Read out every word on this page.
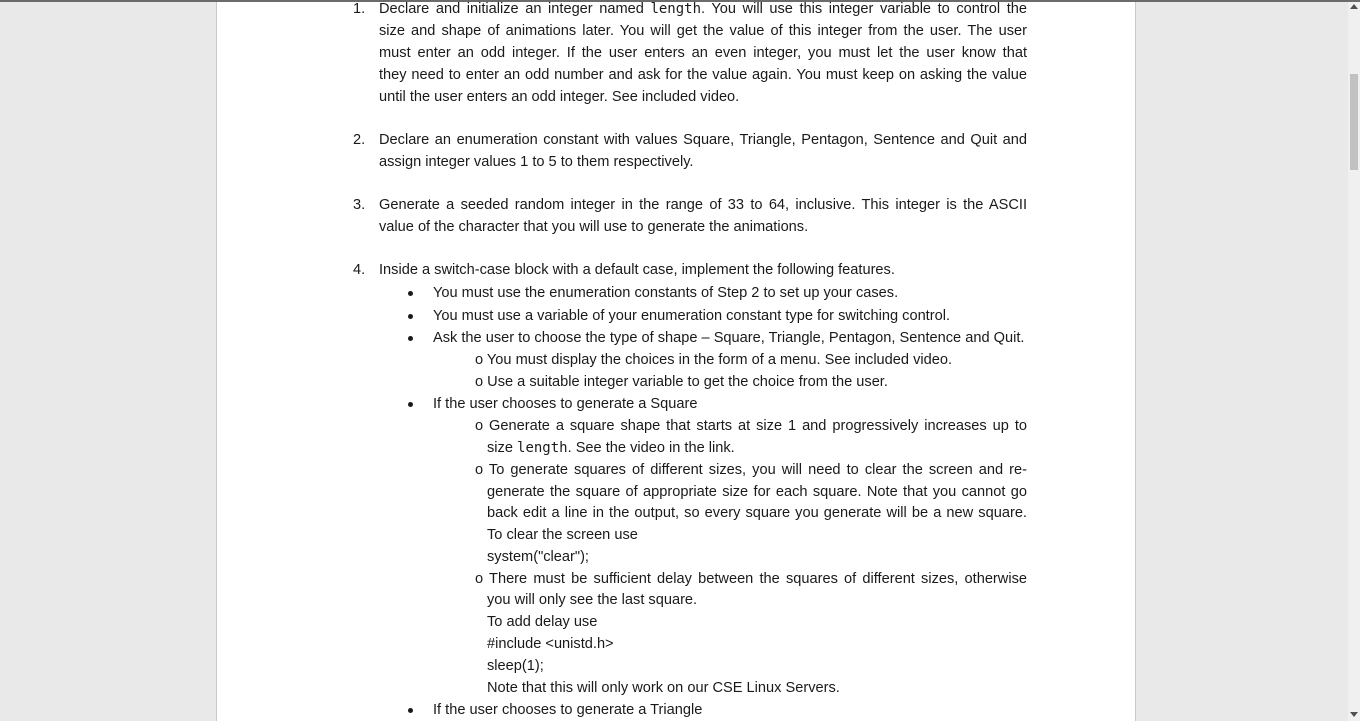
1. Declare and initialize an integer named length. You will use this integer variable to control the
size and shape of animations later. You will get the value of this integer from the user. The user
must enter an odd integer. If the user enters an even integer, you must let the user know that
they need to enter an odd number and ask for the value again. You must keep on asking the value
until the user enters an odd integer. See included video.
2. Declare an enumeration constant with values Square, Triangle, Pentagon, Sentence and Quit and
assign integer values 1 to 5 to them respectively.
3. Generate a seeded random integer in the range of 33 to 64, inclusive. This integer is the ASCII
value of the character that you will use to generate the animations.
4. Inside a switch-case block with a default case, implement the following features.
You must use the enumeration constants of Step 2 to set up your cases.
You must use a variable of your enumeration constant type for switching control.
Ask the user to choose the type of shape – Square, Triangle, Pentagon, Sentence and Quit.
o You must display the choices in the form of a menu. See included video.
o Use a suitable integer variable to get the choice from the user.
If the user chooses to generate a Square
o Generate a square shape that starts at size 1 and progressively increases up to
size length. See the video in the link.
o To generate squares of different sizes, you will need to clear the screen and re-
generate the square of appropriate size for each square. Note that you cannot go
back edit a line in the output, so every square you generate will be a new square.
To clear the screen use
system("clear");
o There must be sufficient delay between the squares of different sizes, otherwise
you will only see the last square.
To add delay use
#include <unistd.h>
sleep(1);
Note that this will only work on our CSE Linux Servers.
If the user chooses to generate a Triangle
